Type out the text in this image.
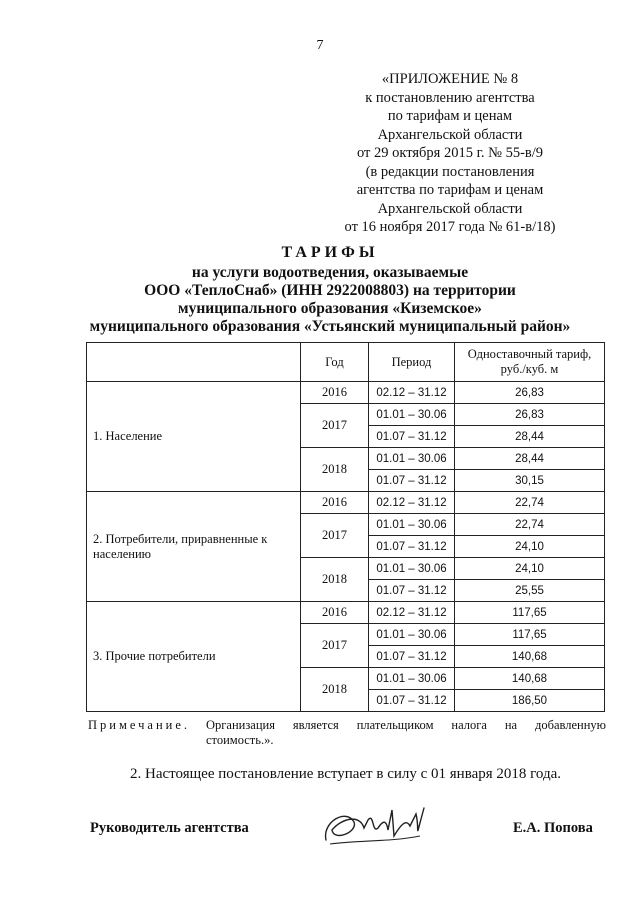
7
«ПРИЛОЖЕНИЕ № 8
к постановлению агентства
по тарифам и ценам
Архангельской области
от 29 октября 2015 г. № 55-в/9
(в редакции постановления
агентства по тарифам и ценам
Архангельской области
от 16 ноября 2017 года № 61-в/18)
ТАРИФЫ
на услуги водоотведения, оказываемые
ООО «ТеплоСнаб» (ИНН 2922008803) на территории
муниципального образования «Киземское»
муниципального образования «Устьянский муниципальный район»
	Год	Период	Одноставочный тариф, руб./куб. м
1. Население	2016	02.12 – 31.12	26,83
	2017	01.01 – 30.06	26,83
		01.07 – 31.12	28,44
	2018	01.01 – 30.06	28,44
		01.07 – 31.12	30,15
2. Потребители, приравненные к населению	2016	02.12 – 31.12	22,74
	2017	01.01 – 30.06	22,74
		01.07 – 31.12	24,10
	2018	01.01 – 30.06	24,10
		01.07 – 31.12	25,55
3. Прочие потребители	2016	02.12 – 31.12	117,65
	2017	01.01 – 30.06	117,65
		01.07 – 31.12	140,68
	2018	01.01 – 30.06	140,68
		01.07 – 31.12	186,50
Примечание. Организация является плательщиком налога на добавленную
стоимость.».
2. Настоящее постановление вступает в силу с 01 января 2018 года.
Руководитель агентства	Е.А. Попова
